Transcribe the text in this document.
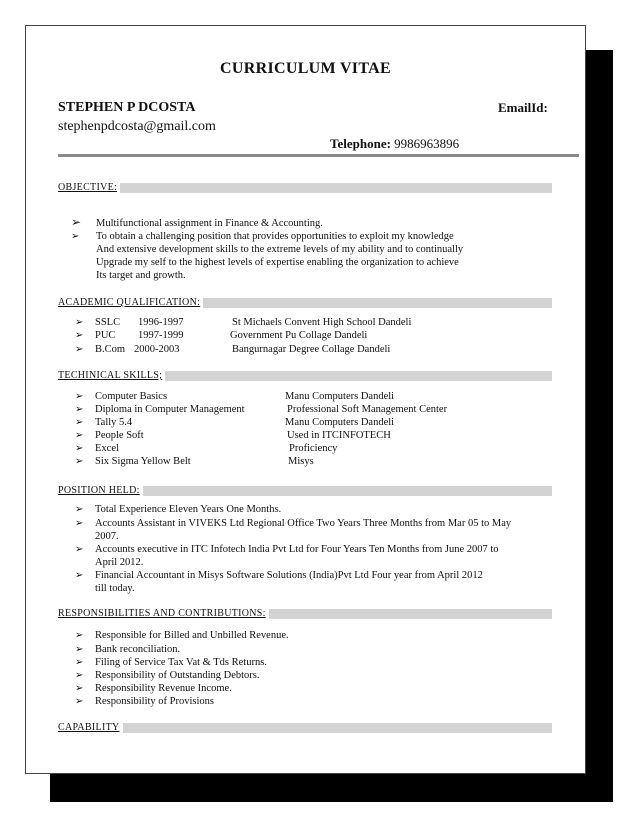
CURRICULUM VITAE
STEPHEN P DCOSTA	EmailId:
stephenpdcosta@gmail.com
Telephone: 9986963896
OBJECTIVE:
➢ Multifunctional assignment in Finance & Accounting.
➢ To obtain a challenging position that provides opportunities to exploit my knowledge
And extensive development skills to the extreme levels of my ability and to continually
Upgrade my self to the highest levels of expertise enabling the organization to achieve
Its target and growth.
ACADEMIC QUALIFICATION:
➢ SSLC 1996-1997	St Michaels Convent High School Dandeli
➢ PUC 1997-1999	Government Pu Collage Dandeli
➢ B.Com 2000-2003	Bangurnagar Degree Collage Dandeli
TECHINICAL SKILLS;
➢ Computer Basics	Manu Computers Dandeli
➢ Diploma in Computer Management	Professional Soft Management Center
➢ Tally 5.4	Manu Computers Dandeli
➢ People Soft	Used in ITCINFOTECH
➢ Excel	Proficiency
➢ Six Sigma Yellow Belt	Misys
POSITION HELD:
➢ Total Experience Eleven Years One Months.
➢ Accounts Assistant in VIVEKS Ltd Regional Office Two Years Three Months from Mar 05 to May
2007.
➢ Accounts executive in ITC Infotech India Pvt Ltd for Four Years Ten Months from June 2007 to
April 2012.
➢ Financial Accountant in Misys Software Solutions (India)Pvt Ltd Four year from April 2012
till today.
RESPONSIBILITIES AND CONTRIBUTIONS:
➢ Responsible for Billed and Unbilled Revenue.
➢ Bank reconciliation.
➢ Filing of Service Tax Vat & Tds Returns.
➢ Responsibility of Outstanding Debtors.
➢ Responsibility Revenue Income.
➢ Responsibility of Provisions
CAPABILITY
